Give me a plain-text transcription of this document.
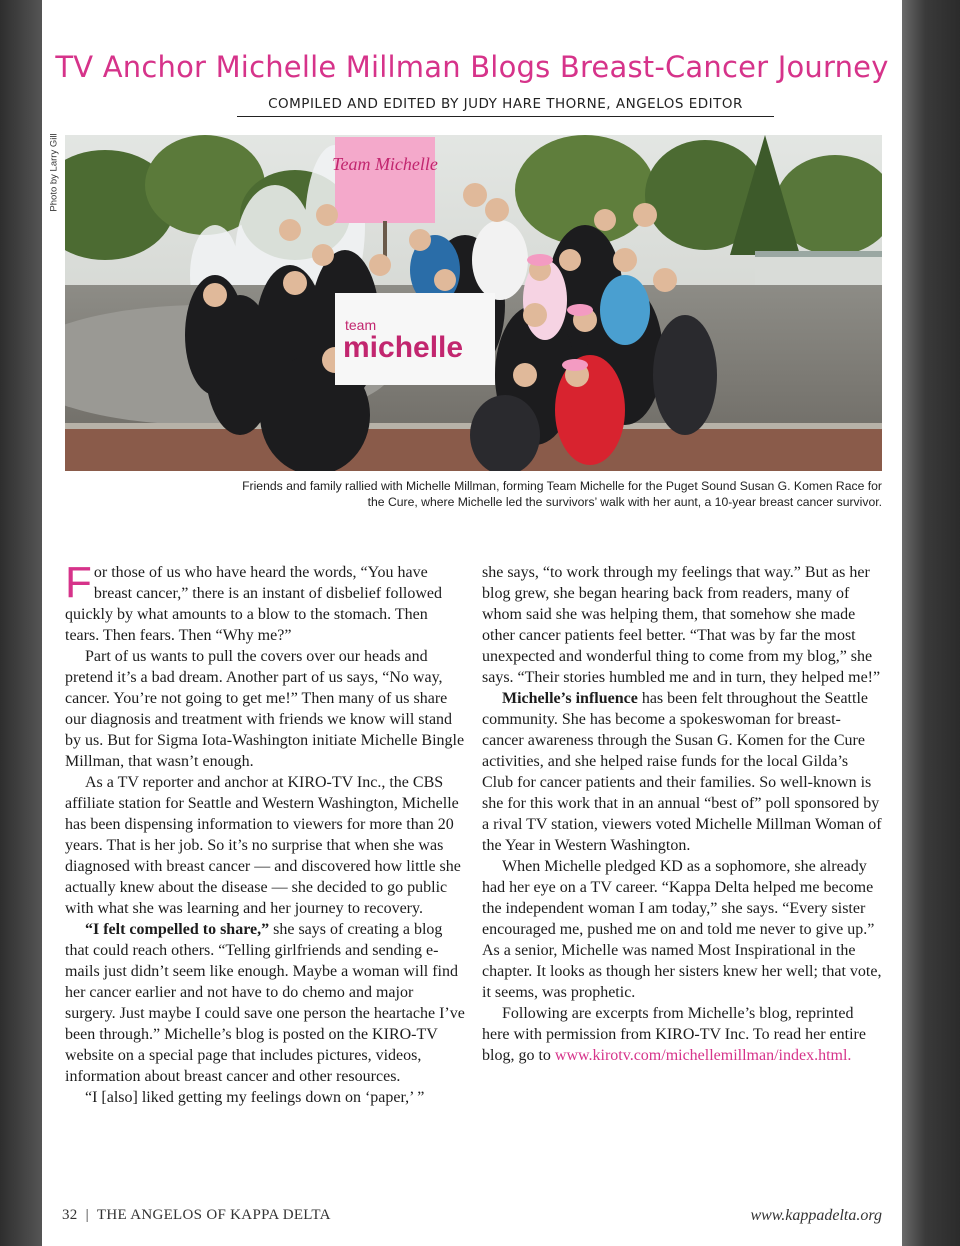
TV Anchor Michelle Millman Blogs Breast-Cancer Journey
COMPILED AND EDITED BY JUDY HARE THORNE, ANGELOS EDITOR
Photo by Larry Gill	Team Michelle
team
michelle
Friends and family rallied with Michelle Millman, forming Team Michelle for the Puget Sound Susan G. Komen Race for the Cure, where Michelle led the survivors’ walk with her aunt, a 10-year breast cancer survivor.

For those of us who have heard the words, “You have breast cancer,” there is an instant of disbelief followed quickly by what amounts to a blow to the stomach. Then tears. Then fears. Then “Why me?”

Part of us wants to pull the covers over our heads and pretend it’s a bad dream. Another part of us says, “No way, cancer. You’re not going to get me!” Then many of us share our diagnosis and treatment with friends we know will stand by us. But for Sigma Iota-Washington initiate Michelle Bingle Millman, that wasn’t enough.

As a TV reporter and anchor at KIRO-TV Inc., the CBS affiliate station for Seattle and Western Washington, Michelle has been dispensing information to viewers for more than 20 years. That is her job. So it’s no surprise that when she was diagnosed with breast cancer — and discovered how little she actually knew about the disease — she decided to go public with what she was learning and her journey to recovery.

“I felt compelled to share,” she says of creating a blog that could reach others. “Telling girlfriends and sending e-mails just didn’t seem like enough. Maybe a woman will find her cancer earlier and not have to do chemo and major surgery. Just maybe I could save one person the heartache I’ve been through.” Michelle’s blog is posted on the KIRO-TV website on a special page that includes pictures, videos, information about breast cancer and other resources.

“I [also] liked getting my feelings down on ‘paper,’ ”

she says, “to work through my feelings that way.” But as her blog grew, she began hearing back from readers, many of whom said she was helping them, that somehow she made other cancer patients feel better. “That was by far the most unexpected and wonderful thing to come from my blog,” she says. “Their stories humbled me and in turn, they helped me!”

Michelle’s influence has been felt throughout the Seattle community. She has become a spokeswoman for breast-cancer awareness through the Susan G. Komen for the Cure activities, and she helped raise funds for the local Gilda’s Club for cancer patients and their families. So well-known is she for this work that in an annual “best of” poll sponsored by a rival TV station, viewers voted Michelle Millman Woman of the Year in Western Washington.

When Michelle pledged KD as a sophomore, she already had her eye on a TV career. “Kappa Delta helped me become the independent woman I am today,” she says. “Every sister encouraged me, pushed me on and told me never to give up.” As a senior, Michelle was named Most Inspirational in the chapter. It looks as though her sisters knew her well; that vote, it seems, was prophetic.

Following are excerpts from Michelle’s blog, reprinted here with permission from KIRO-TV Inc. To read her entire blog, go to www.kirotv.com/michellemillman/index.html.

32 | THE ANGELOS OF KAPPA DELTA	www.kappadelta.org
